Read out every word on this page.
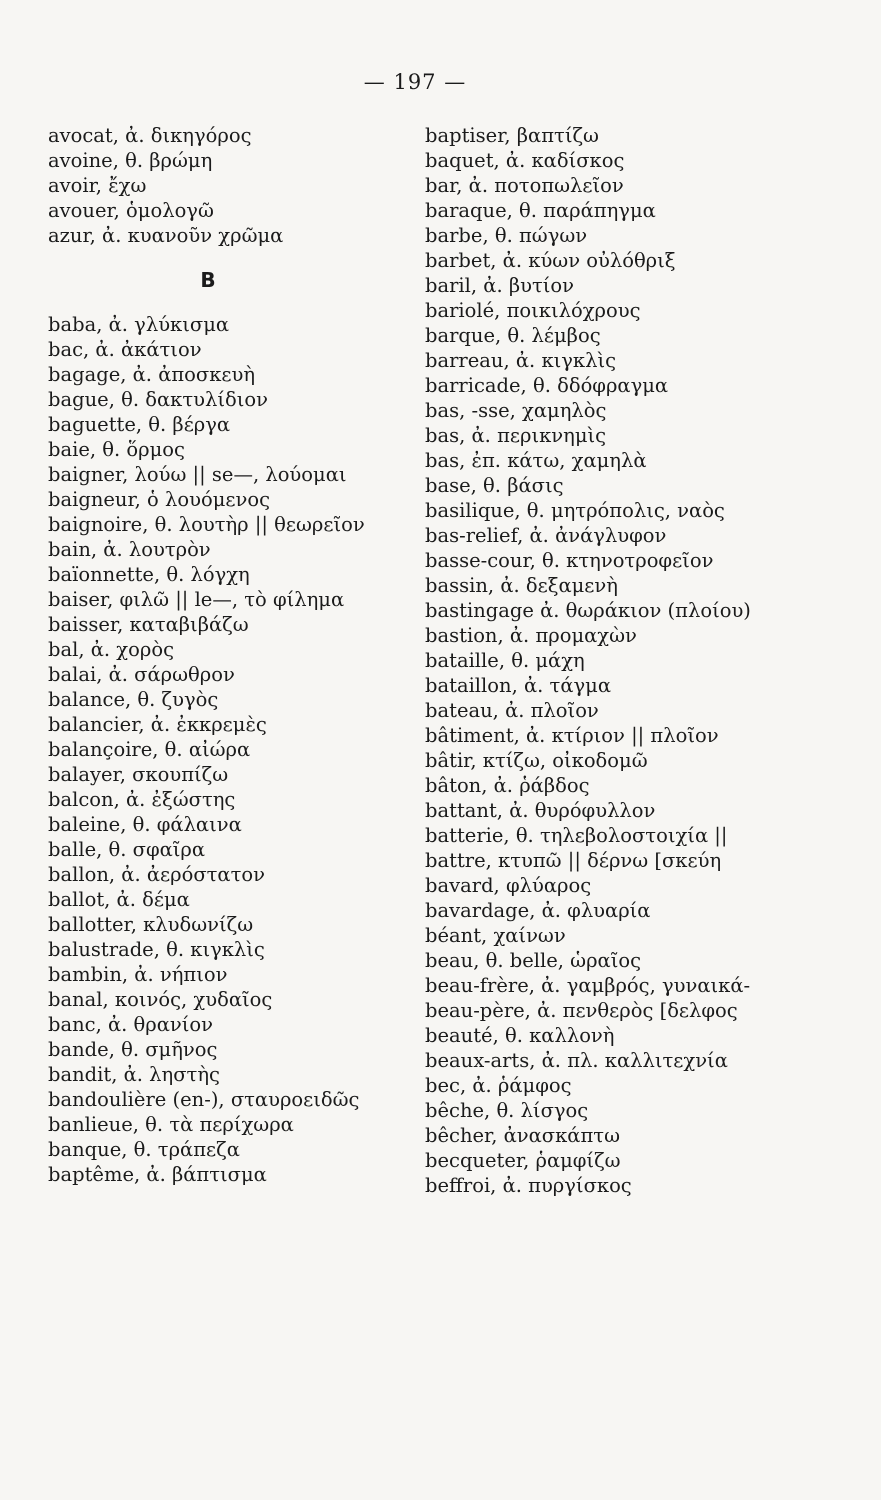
— 197 —
avocat, ἀ. δικηγόρος
avoine, θ. βρώμη
avoir, ἔχω
avouer, ὁμολογῶ
azur, ἀ. κυανοῦν χρῶμα
B
baba, ἀ. γλύκισμα
bac, ἀ. ἀκάτιον
bagage, ἀ. ἀποσκευὴ
bague, θ. δακτυλίδιον
baguette, θ. βέργα
baie, θ. ὅρμος
baigner, λούω || se—, λούομαι
baigneur, ὁ λουόμενος
baignoire, θ. λουτὴρ || θεωρεῖον
bain, ἀ. λουτρὸν
baïonnette, θ. λόγχη
baiser, φιλῶ || le—, τὸ φίλημα
baisser, καταβιβάζω
bal, ἀ. χορὸς
balai, ἀ. σάρωθρον
balance, θ. ζυγὸς
balancier, ἀ. ἐκκρεμὲς
balançoire, θ. αἰώρα
balayer, σκουπίζω
balcon, ἀ. ἐξώστης
baleine, θ. φάλαινα
balle, θ. σφαῖρα
ballon, ἀ. ἀερόστατον
ballot, ἀ. δέμα
ballotter, κλυδωνίζω
balustrade, θ. κιγκλὶς
bambin, ἀ. νήπιον
banal, κοινός, χυδαῖος
banc, ἀ. θρανίον
bande, θ. σμῆνος
bandit, ἀ. ληστὴς
bandoulière (en-), σταυροειδῶς
banlieue, θ. τὰ περίχωρα
banque, θ. τράπεζα
baptême, ἀ. βάπτισμα
baptiser, βαπτίζω
baquet, ἀ. καδίσκος
bar, ἀ. ποτοπωλεῖον
baraque, θ. παράπηγμα
barbe, θ. πώγων
barbet, ἀ. κύων οὐλόθριξ
baril, ἀ. βυτίον
bariolé, ποικιλόχρους
barque, θ. λέμβος
barreau, ἀ. κιγκλὶς
barricade, θ. δδόφραγμα
bas, -sse, χαμηλὸς
bas, ἀ. περικνημὶς
bas, ἐπ. κάτω, χαμηλὰ
base, θ. βάσις
basilique, θ. μητρόπολις, ναὸς
bas-relief, ἀ. ἀνάγλυφον
basse-cour, θ. κτηνοτροφεῖον
bassin, ἀ. δεξαμενὴ
bastingage ἀ. θωράκιον (πλοίου)
bastion, ἀ. προμαχὼν
bataille, θ. μάχη
bataillon, ἀ. τάγμα
bateau, ἀ. πλοῖον
bâtiment, ἀ. κτίριον || πλοῖον
bâtir, κτίζω, οἰκοδομῶ
bâton, ἀ. ῥάβδος
battant, ἀ. θυρόφυλλον
batterie, θ. τηλεβολοστοιχία ||
battre, κτυπῶ || δέρνω [σκεύη
bavard, φλύαρος
bavardage, ἀ. φλυαρία
béant, χαίνων
beau, θ. belle, ὡραῖος
beau-frère, ἀ. γαμβρός, γυναικά-
beau-père, ἀ. πενθερὸς [δελφος
beauté, θ. καλλονὴ
beaux-arts, ἀ. πλ. καλλιτεχνία
bec, ἀ. ῥάμφος
bêche, θ. λίσγος
bêcher, ἀνασκάπτω
becqueter, ῥαμφίζω
beffroi, ἀ. πυργίσκος
